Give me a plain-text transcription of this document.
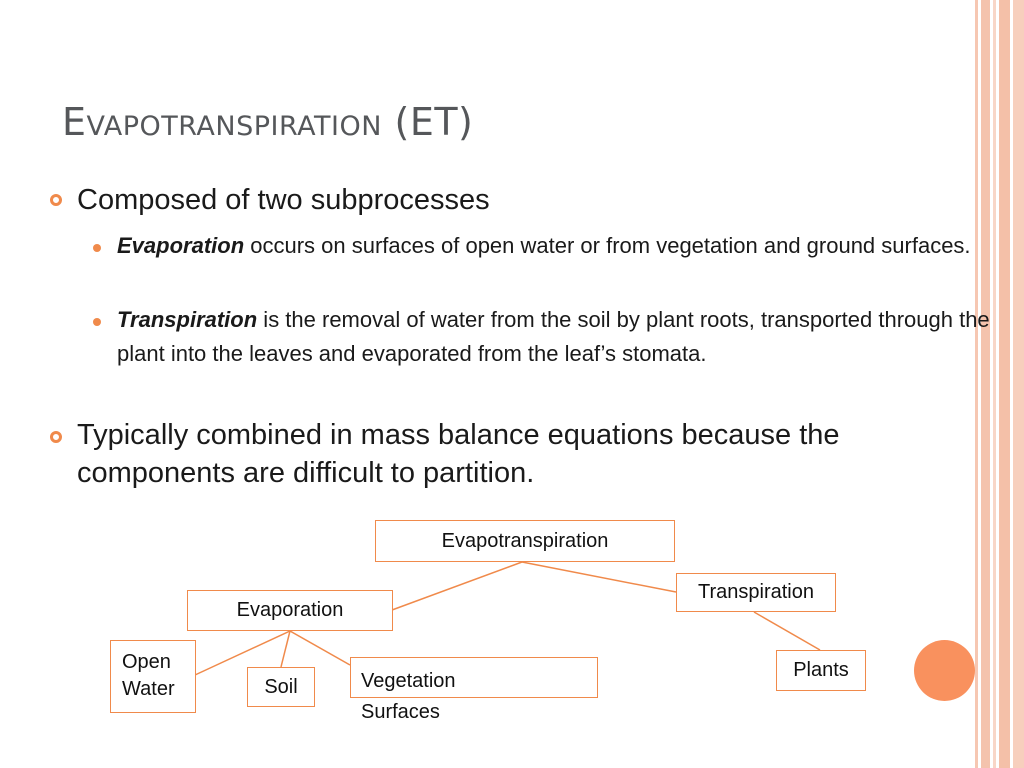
Evapotranspiration (ET)
Composed of two subprocesses
Evaporation occurs on surfaces of open water or from vegetation and ground surfaces.
Transpiration is the removal of water from the soil by plant roots, transported through the plant into the leaves and evaporated from the leaf’s stomata.
Typically combined in mass balance equations because the components are difficult to partition.
Evapotranspiration
Evaporation
Transpiration
Open
Water	Soil	Vegetation
Surfaces
Plants
